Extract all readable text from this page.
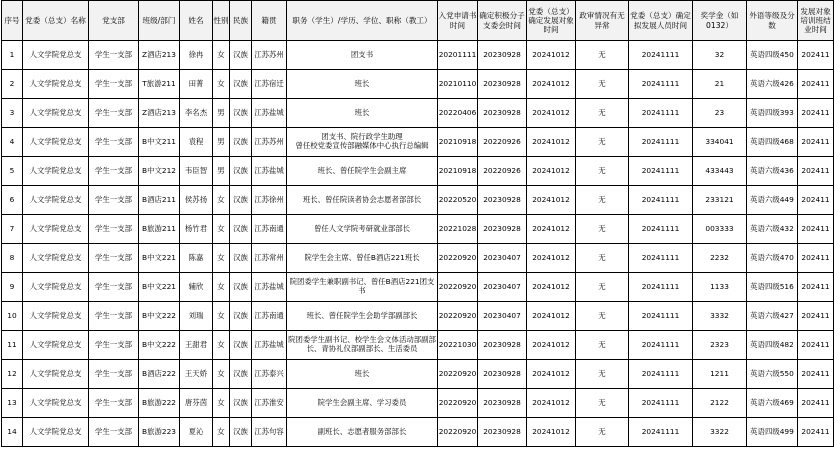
序号	党委（总支）名称	党支部	班级/部门	姓名	性别	民族	籍贯	职务（学生）/学历、学位、职称（教工）	入党申请书时间	确定积极分子支委会时间	党委（总支）确定发展对象时间	政审情况有无异常	党委（总支）确定拟发展人员时间	奖学金（如0132）	外语等级及分数	发展对象培训班结业时间
1	人文学院党总支	学生一支部	Z酒店213	徐冉	女	汉族	江苏苏州	团支书	20201111	20230928	20241012	无	20241111	32	英语四级450	202411
2	人文学院党总支	学生一支部	T旅游211	田菁	女	汉族	江苏宿迁	班长	20210110	20230928	20241012	无	20241111	21	英语六级426	202411
3	人文学院党总支	学生一支部	Z酒店213	李名杰	男	汉族	江苏盐城	班长	20220406	20230928	20241012	无	20241111	23	英语四级393	202411
4	人文学院党总支	学生一支部	B中文211	袁程	男	汉族	江苏苏州	团支书、院行政学生助理
曾任校党委宣传部融媒体中心执行总编辑	20210918	20220926	20241012	无	20241111	334041	英语四级468	202411
5	人文学院党总支	学生一支部	B中文212	韦臣智	男	汉族	江苏盐城	班长、曾任院学生会副主席	20210918	20220926	20241012	无	20241111	433443	英语六级436	202411
6	人文学院党总支	学生一支部	B酒店211	侯苏扬	女	汉族	江苏徐州	班长、曾任院读者协会志愿者部部长	20220520	20230928	20241012	无	20241111	233121	英语六级449	202411
7	人文学院党总支	学生一支部	B旅游211	杨竹君	女	汉族	江苏南通	曾任人文学院考研就业部部长	20221028	20230928	20241012	无	20241111	003333	英语六级432	202411
8	人文学院党总支	学生一支部	B中文221	陈嘉	女	汉族	江苏常州	院学生会主席、曾任B酒店221班长	20220920	20230407	20241012	无	20241111	2232	英语六级470	202411
9	人文学院党总支	学生一支部	B中文221	辅欣	女	汉族	江苏盐城	院团委学生兼职副书记、曾任B酒店221团支书	20220920	20230407	20241012	无	20241111	1133	英语四级516	202411
10	人文学院党总支	学生一支部	B中文222	刘瑞	女	汉族	江苏南通	班长、曾任院学生会助学部副部长	20220920	20230407	20241012	无	20241111	3332	英语六级427	202411
11	人文学院党总支	学生一支部	B中文222	王甜君	女	汉族	江苏盐城	院团委学生副书记、校学生会文体活动部副部长、青协礼仪部副部长、生活委员	20221030	20230928	20241012	无	20241111	2323	英语四级482	202411
12	人文学院党总支	学生一支部	B酒店222	王天娇	女	汉族	江苏泰兴	班长	20220920	20230928	20241012	无	20241111	1211	英语六级550	202411
13	人文学院党总支	学生一支部	B旅游222	唐芬茵	女	汉族	江苏淮安	院学生会副主席、学习委员	20220920	20230928	20241012	无	20241111	2122	英语六级469	202411
14	人文学院党总支	学生一支部	B旅游223	夏沁	女	汉族	江苏句容	副班长、志愿者服务部部长	20220920	20230928	20241012	无	20241111	3322	英语四级499	202411
